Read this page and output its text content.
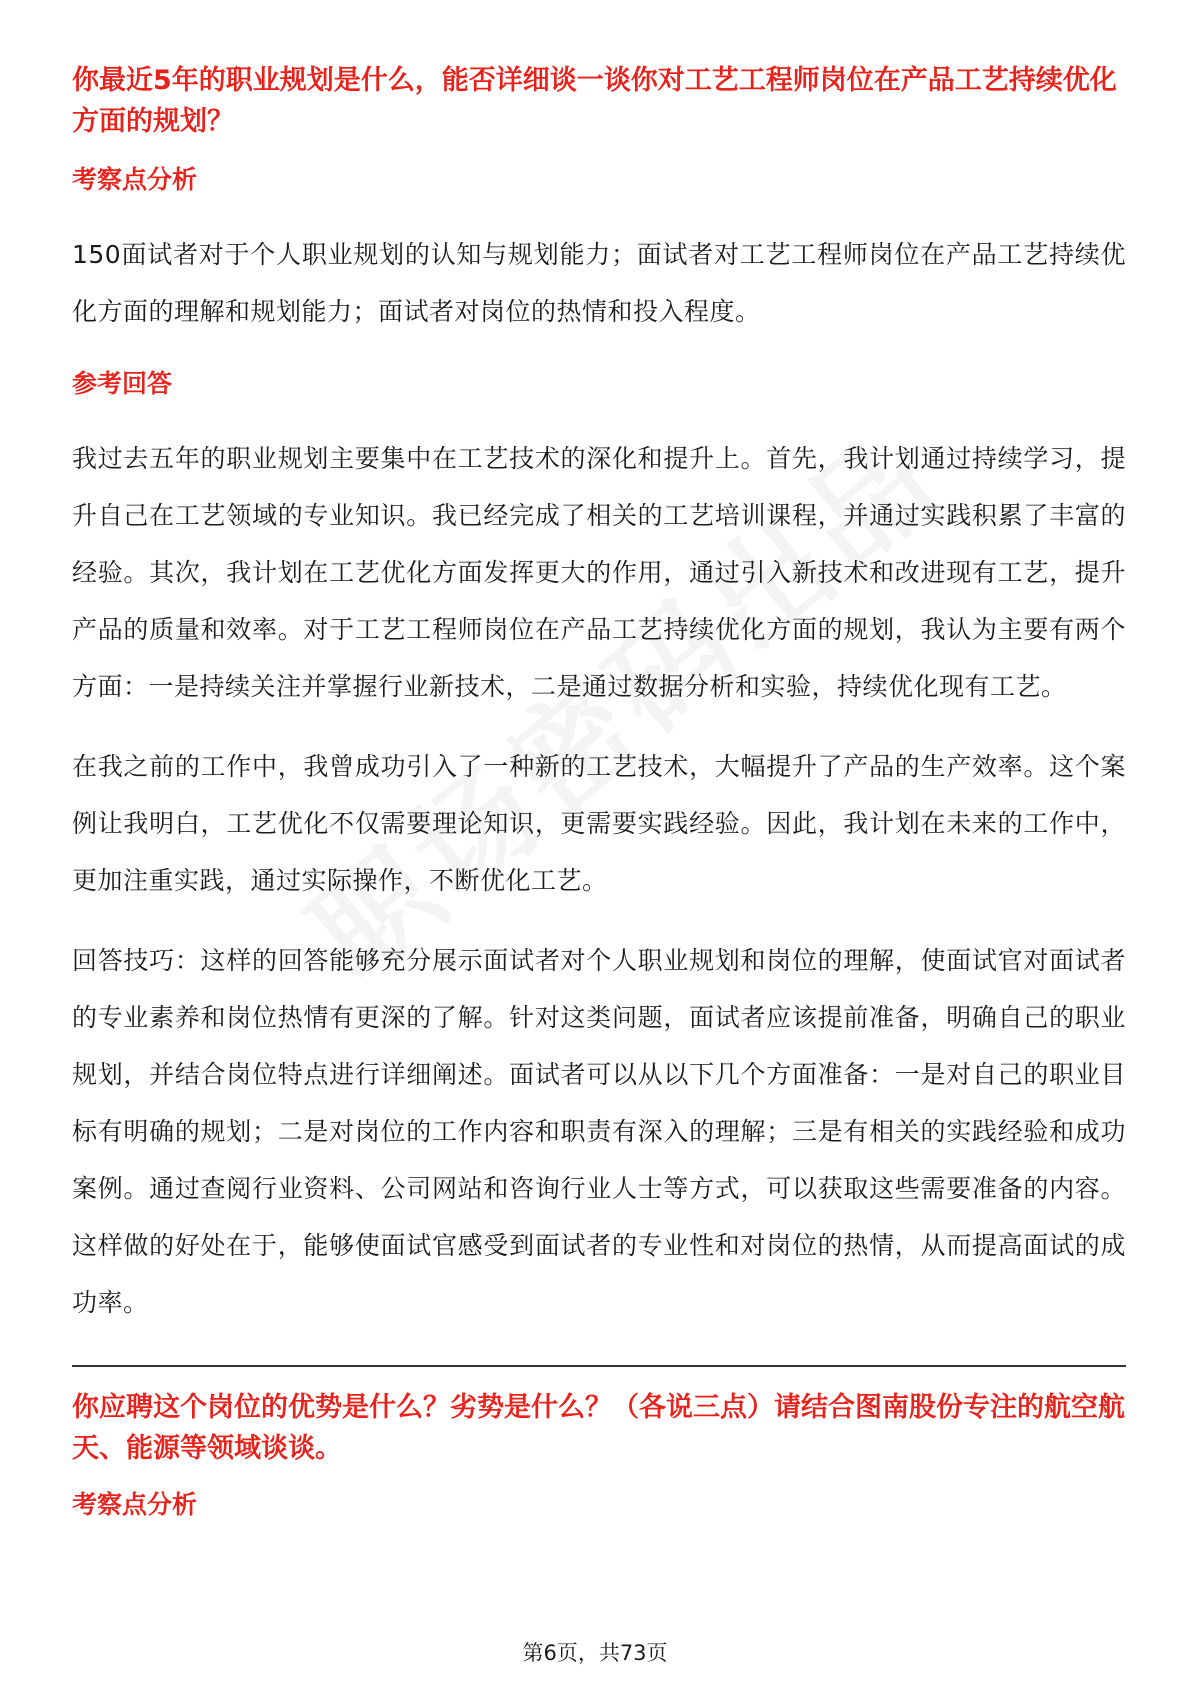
你最近5年的职业规划是什么，能否详细谈一谈你对工艺工程师岗位在产品工艺持续优化方面的规划？
考察点分析

150面试者对于个人职业规划的认知与规划能力；面试者对工艺工程师岗位在产品工艺持续优化方面的理解和规划能力；面试者对岗位的热情和投入程度。

参考回答

我过去五年的职业规划主要集中在工艺技术的深化和提升上。首先，我计划通过持续学习，提升自己在工艺领域的专业知识。我已经完成了相关的工艺培训课程，并通过实践积累了丰富的经验。其次，我计划在工艺优化方面发挥更大的作用，通过引入新技术和改进现有工艺，提升产品的质量和效率。对于工艺工程师岗位在产品工艺持续优化方面的规划，我认为主要有两个方面：一是持续关注并掌握行业新技术，二是通过数据分析和实验，持续优化现有工艺。

在我之前的工作中，我曾成功引入了一种新的工艺技术，大幅提升了产品的生产效率。这个案例让我明白，工艺优化不仅需要理论知识，更需要实践经验。因此，我计划在未来的工作中，更加注重实践，通过实际操作，不断优化工艺。

回答技巧：这样的回答能够充分展示面试者对个人职业规划和岗位的理解，使面试官对面试者的专业素养和岗位热情有更深的了解。针对这类问题，面试者应该提前准备，明确自己的职业规划，并结合岗位特点进行详细阐述。面试者可以从以下几个方面准备：一是对自己的职业目标有明确的规划；二是对岗位的工作内容和职责有深入的理解；三是有相关的实践经验和成功案例。通过查阅行业资料、公司网站和咨询行业人士等方式，可以获取这些需要准备的内容。这样做的好处在于，能够使面试官感受到面试者的专业性和对岗位的热情，从而提高面试的成功率。

你应聘这个岗位的优势是什么？劣势是什么？（各说三点）请结合图南股份专注的航空航天、能源等领域谈谈。
考察点分析
第6页，共73页
